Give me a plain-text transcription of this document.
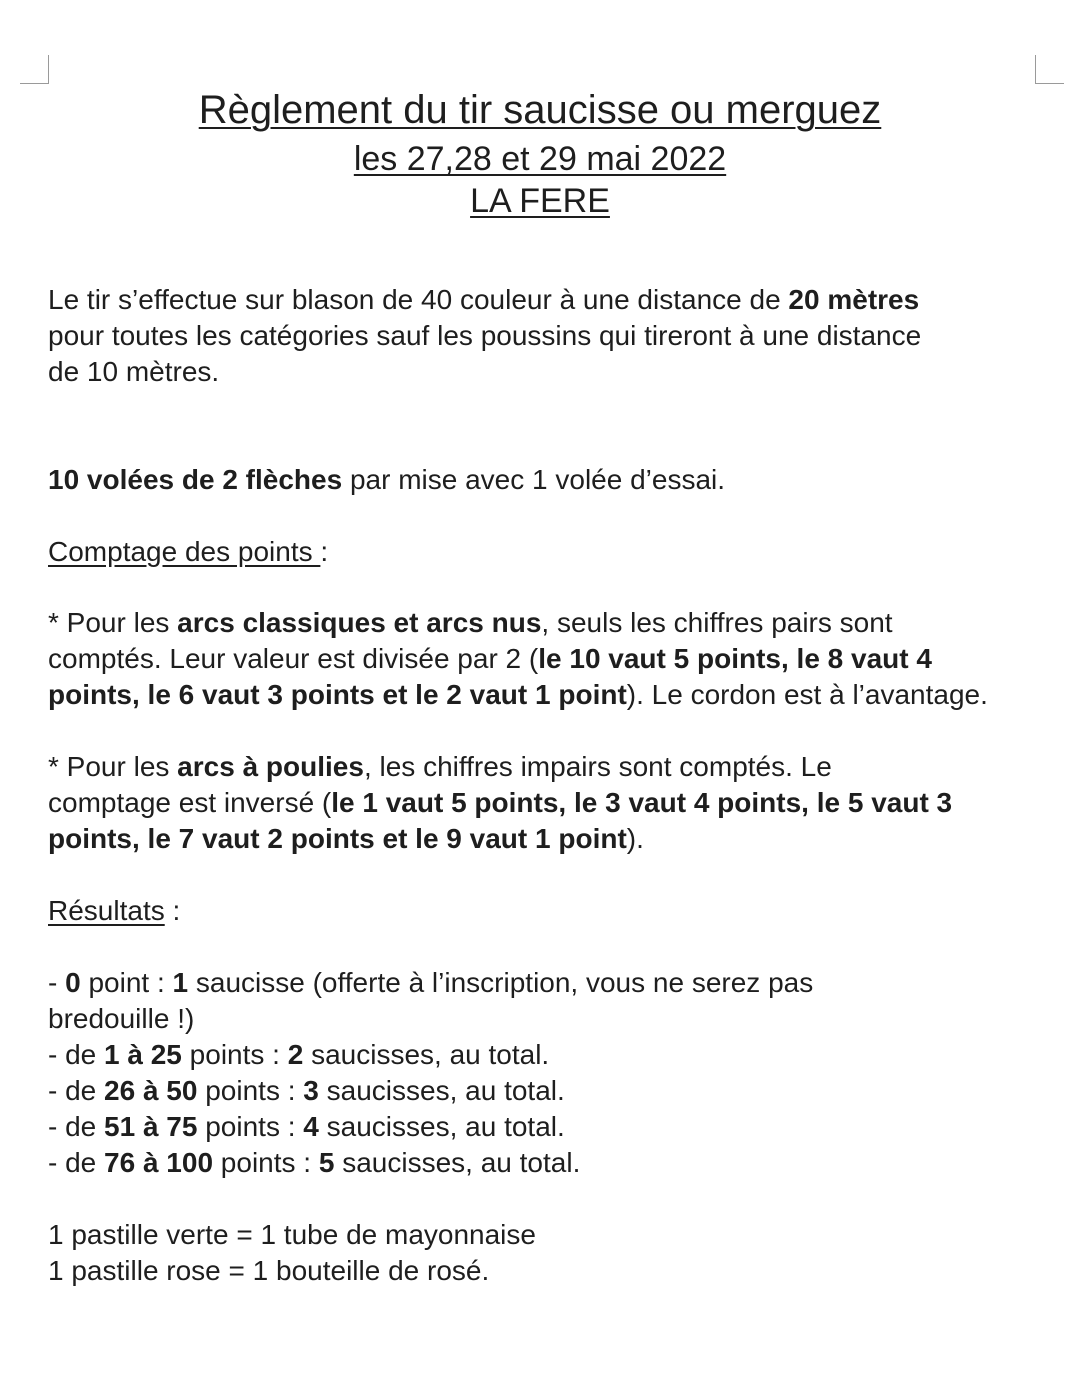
Règlement du tir saucisse ou merguez
les 27,28 et 29 mai 2022
LA FERE
Le tir s’effectue sur blason de 40 couleur à une distance de 20 mètres
pour toutes les catégories sauf les poussins qui tireront à une distance
de 10 mètres.
10 volées de 2 flèches par mise avec 1 volée d’essai.
Comptage des points :
* Pour les arcs classiques et arcs nus, seuls les chiffres pairs sont
comptés. Leur valeur est divisée par 2 (le 10 vaut 5 points, le 8 vaut 4
points, le 6 vaut 3 points et le 2 vaut 1 point). Le cordon est à l’avantage.
* Pour les arcs à poulies, les chiffres impairs sont comptés. Le
comptage est inversé (le 1 vaut 5 points, le 3 vaut 4 points, le 5 vaut 3
points, le 7 vaut 2 points et le 9 vaut 1 point).
Résultats :
- 0 point : 1 saucisse (offerte à l’inscription, vous ne serez pas
bredouille !)
- de 1 à 25 points : 2 saucisses, au total.
- de 26 à 50 points : 3 saucisses, au total.
- de 51 à 75 points : 4 saucisses, au total.
- de 76 à 100 points : 5 saucisses, au total.
1 pastille verte = 1 tube de mayonnaise
1 pastille rose = 1 bouteille de rosé.
